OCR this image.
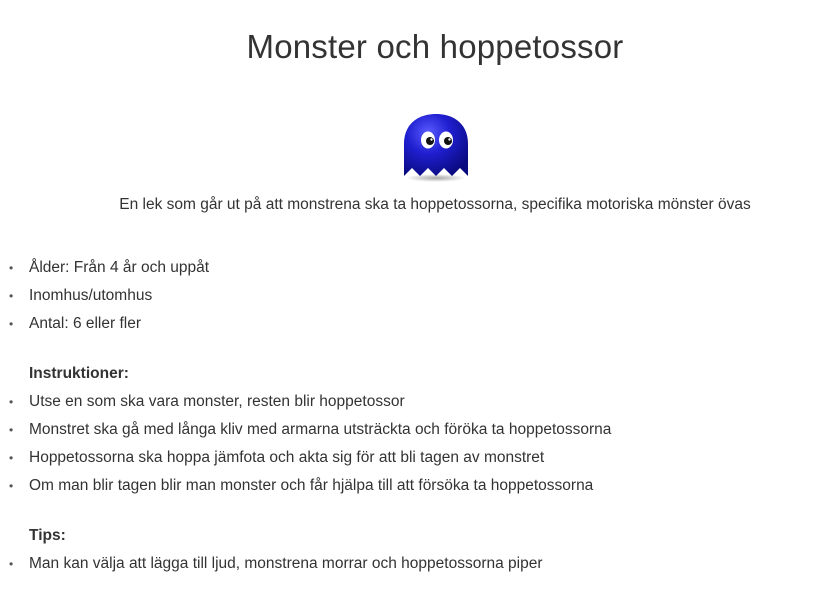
Monster och hoppetossor

En lek som går ut på att monstrena ska ta hoppetossorna, specifika motoriska mönster övas

• Ålder: Från 4 år och uppåt
• Inomhus/utomhus
• Antal: 6 eller fler
Instruktioner:
• Utse en som ska vara monster, resten blir hoppetossor
• Monstret ska gå med långa kliv med armarna utsträckta och föröka ta hoppetossorna
• Hoppetossorna ska hoppa jämfota och akta sig för att bli tagen av monstret
• Om man blir tagen blir man monster och får hjälpa till att försöka ta hoppetossorna
Tips:
• Man kan välja att lägga till ljud, monstrena morrar och hoppetossorna piper
